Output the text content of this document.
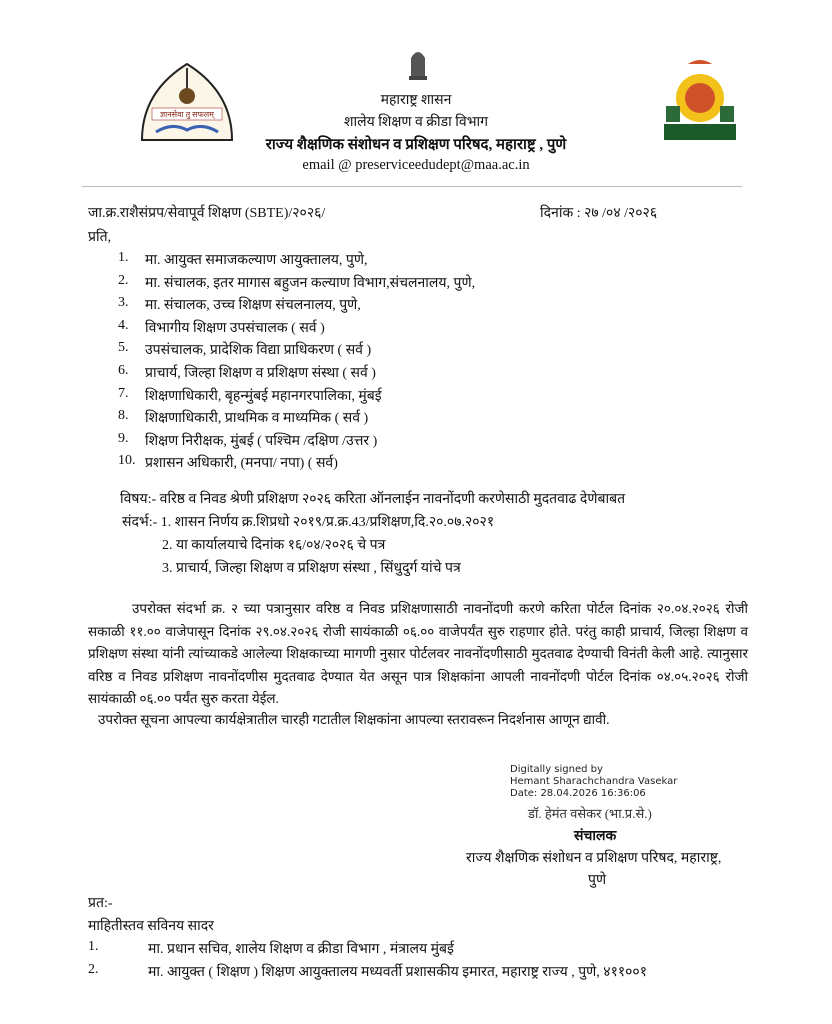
ज्ञानसेवा तु सफलम्
महाराष्ट्र शासन
शालेय शिक्षण व क्रीडा विभाग
राज्य शैक्षणिक संशोधन व प्रशिक्षण परिषद, महाराष्ट्र , पुणे
email @ preserviceedudept@maa.ac.in
जा.क्र.राशैसंप्रप/सेवापूर्व शिक्षण (SBTE)/२०२६/	दिनांक : २७ /०४ /२०२६
प्रति,
1. मा. आयुक्त समाजकल्याण आयुक्तालय, पुणे,
2. मा. संचालक, इतर मागास बहुजन कल्याण विभाग,संचलनालय, पुणे,
3. मा. संचालक, उच्च शिक्षण संचलनालय, पुणे,
4. विभागीय शिक्षण उपसंचालक ( सर्व )
5. उपसंचालक, प्रादेशिक विद्या प्राधिकरण ( सर्व )
6. प्राचार्य, जिल्हा शिक्षण व प्रशिक्षण संस्था ( सर्व )
7. शिक्षणाधिकारी, बृहन्मुंबई महानगरपालिका, मुंबई
8. शिक्षणाधिकारी, प्राथमिक व माध्यमिक ( सर्व )
9. शिक्षण निरीक्षक, मुंबई ( पश्चिम /दक्षिण /उत्तर )
10. प्रशासन अधिकारी, (मनपा/ नपा) ( सर्व)
विषय:- वरिष्ठ व निवड श्रेणी प्रशिक्षण २०२६ करिता ऑनलाईन नावनोंदणी करणेसाठी मुदतवाढ देणेबाबत
संदर्भ:- 1. शासन निर्णय क्र.शिप्रधो २०१९/प्र.क्र.43/प्रशिक्षण,दि.२०.०७.२०२१
2. या कार्यालयाचे दिनांक १६/०४/२०२६ चे पत्र
3. प्राचार्य, जिल्हा शिक्षण व प्रशिक्षण संस्था , सिंधुदुर्ग यांचे पत्र
उपरोक्त संदर्भा क्र. २ च्या पत्रानुसार वरिष्ठ व निवड प्रशिक्षणासाठी नावनोंदणी करणे करिता पोर्टल दिनांक २०.०४.२०२६ रोजी सकाळी ११.०० वाजेपासून दिनांक २९.०४.२०२६ रोजी सायंकाळी ०६.०० वाजेपर्यंत सुरु राहणार होते. परंतु काही प्राचार्य, जिल्हा शिक्षण व प्रशिक्षण संस्था यांनी त्यांच्याकडे आलेल्या शिक्षकाच्या मागणी नुसार पोर्टलवर नावनोंदणीसाठी मुदतवाढ देण्याची विनंती केली आहे. त्यानुसार वरिष्ठ व निवड प्रशिक्षण नावनोंदणीस मुदतवाढ देण्यात येत असून पात्र शिक्षकांना आपली नावनोंदणी पोर्टल दिनांक ०४.०५.२०२६ रोजी सायंकाळी ०६.०० पर्यंत सुरु करता येईल.
उपरोक्त सूचना आपल्या कार्यक्षेत्रातील चारही गटातील शिक्षकांना आपल्या स्तरावरून निदर्शनास आणून द्यावी.
Digitally signed by
Hemant Sharachchandra Vasekar
Date: 28.04.2026 16:36:06
डॉ. हेमंत वसेकर (भा.प्र.से.)
संचालक
राज्य शैक्षणिक संशोधन व प्रशिक्षण परिषद, महाराष्ट्र,
पुणे
प्रत:-
माहितीस्तव सविनय सादर
1.	मा. प्रधान सचिव, शालेय शिक्षण व क्रीडा विभाग , मंत्रालय मुंबई
2.	मा. आयुक्त ( शिक्षण ) शिक्षण आयुक्तालय मध्यवर्ती प्रशासकीय इमारत, महाराष्ट्र राज्य , पुणे, ४११००१
